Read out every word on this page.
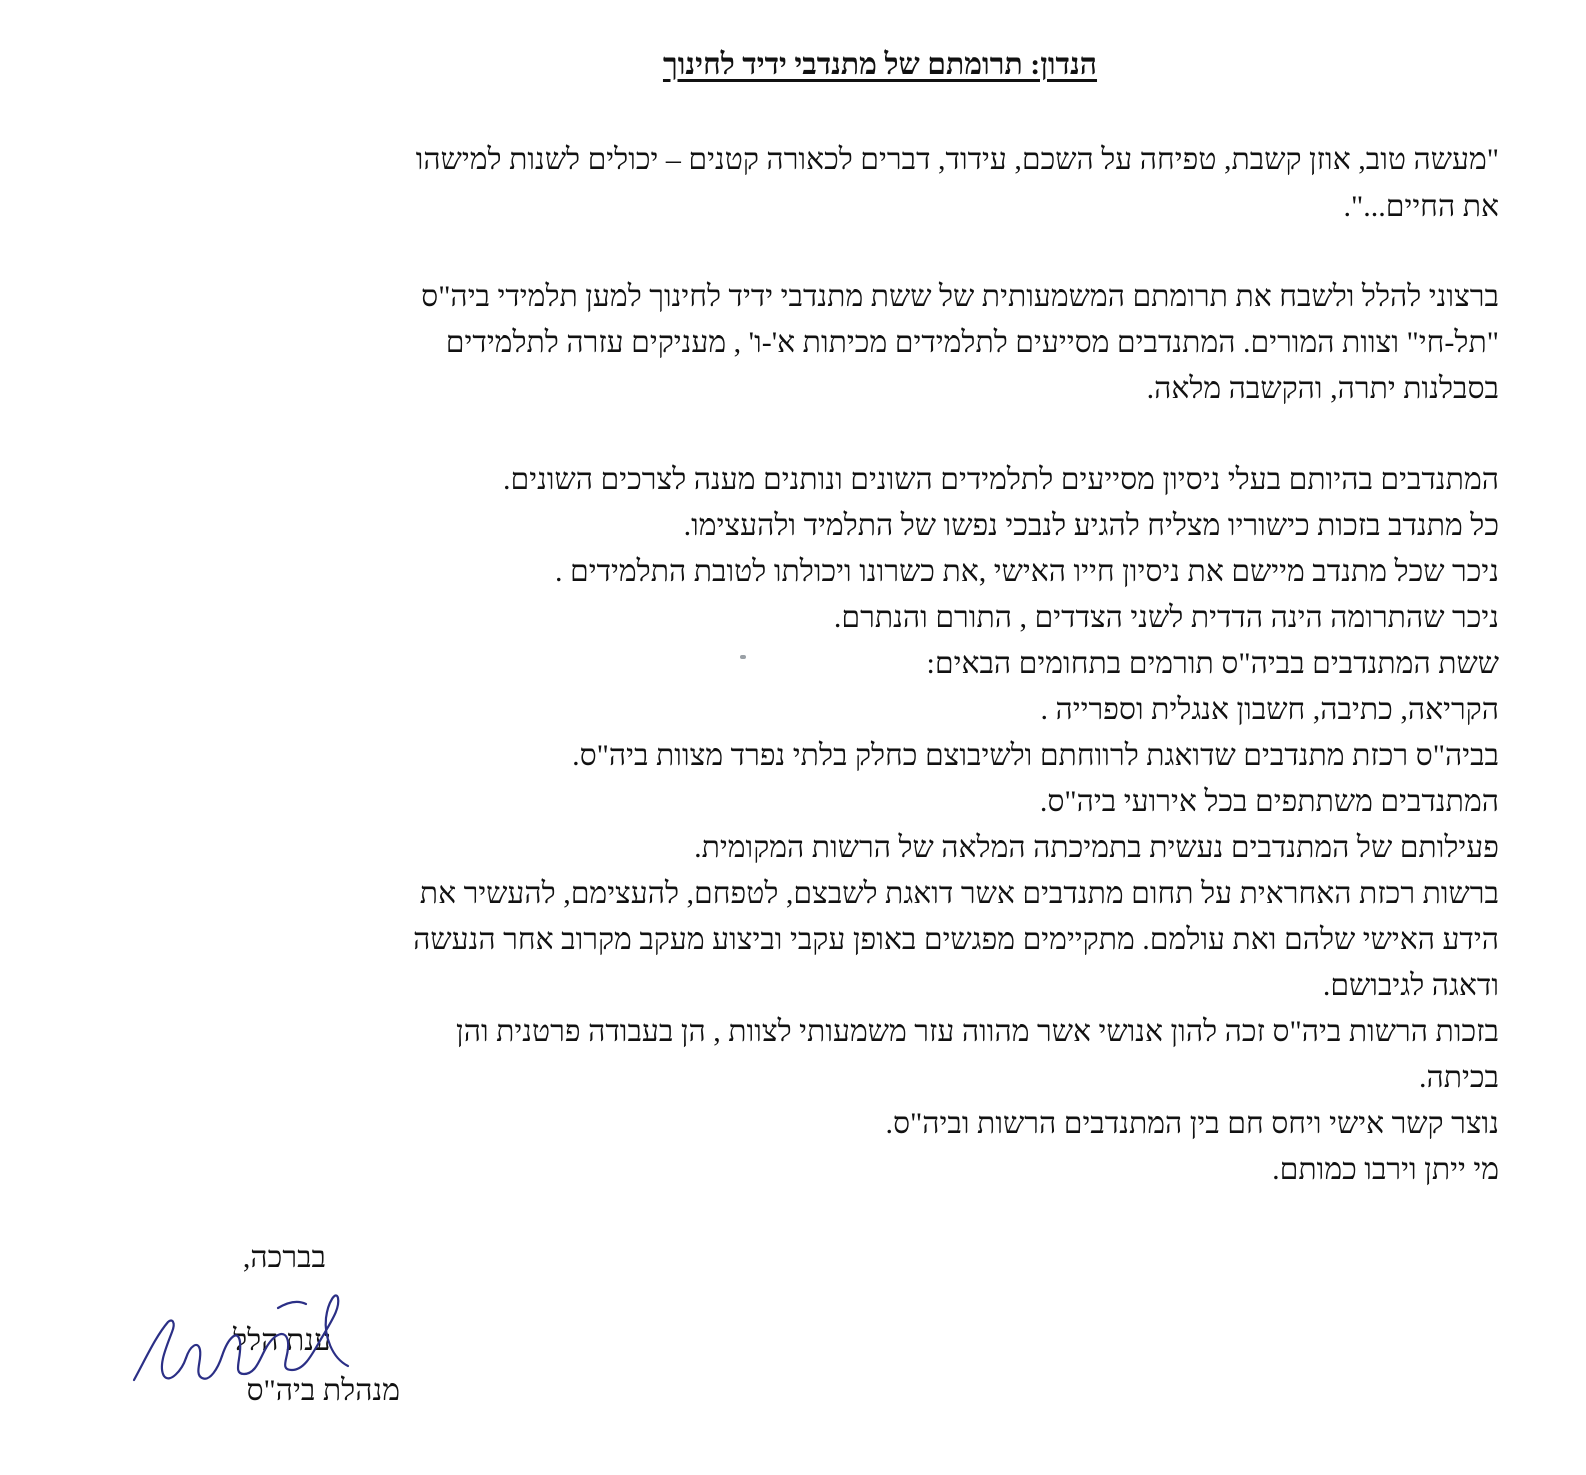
הנדון: תרומתם של מתנדבי ידיד לחינוך
"מעשה טוב, אוזן קשבת, טפיחה על השכם, עידוד, דברים לכאורה קטנים – יכולים לשנות למישהו
את החיים...".
ברצוני להלל ולשבח את תרומתם המשמעותית של ששת מתנדבי ידיד לחינוך למען תלמידי ביה"ס
"תל-חי" וצוות המורים. המתנדבים מסייעים לתלמידים מכיתות א'-ו' , מעניקים עזרה לתלמידים
בסבלנות יתרה, והקשבה מלאה.
המתנדבים בהיותם בעלי ניסיון מסייעים לתלמידים השונים ונותנים מענה לצרכים השונים.
כל מתנדב בזכות כישוריו מצליח להגיע לנבכי נפשו של התלמיד ולהעצימו.
ניכר שכל מתנדב מיישם את ניסיון חייו האישי ,את כשרונו ויכולתו לטובת התלמידים .
ניכר שהתרומה הינה הדדית לשני הצדדים , התורם והנתרם.
ששת המתנדבים בביה"ס תורמים בתחומים הבאים:
הקריאה, כתיבה, חשבון אנגלית וספרייה .
בביה"ס רכזת מתנדבים שדואגת לרווחתם ולשיבוצם כחלק בלתי נפרד מצוות ביה"ס.
המתנדבים משתתפים בכל אירועי ביה"ס.
פעילותם של המתנדבים נעשית בתמיכתה המלאה של הרשות המקומית.
ברשות רכזת האחראית על תחום מתנדבים אשר דואגת לשבצם, לטפחם, להעצימם, להעשיר את
הידע האישי שלהם ואת עולמם. מתקיימים מפגשים באופן עקבי וביצוע מעקב מקרוב אחר הנעשה
ודאגה לגיבושם.
בזכות הרשות ביה"ס זכה להון אנושי אשר מהווה עזר משמעותי לצוות , הן בעבודה פרטנית והן
בכיתה.
נוצר קשר אישי ויחס חם בין המתנדבים הרשות וביה"ס.
מי ייתן וירבו כמותם.
בברכה,
ענת הלל
מנהלת ביה"ס
